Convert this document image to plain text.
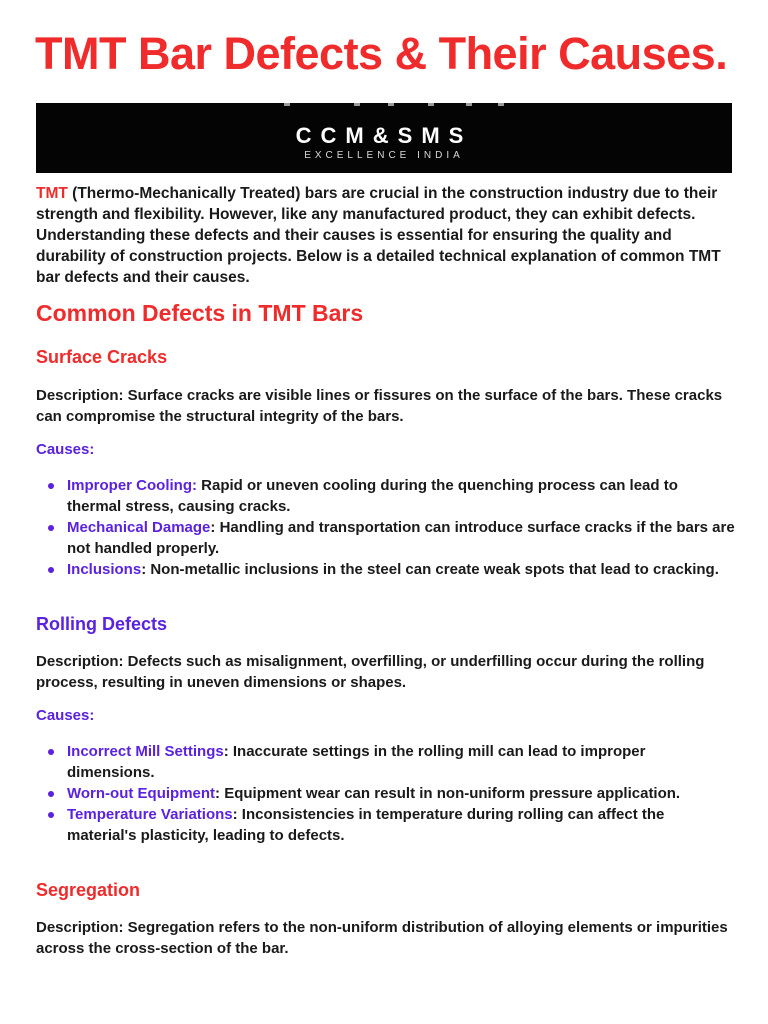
TMT Bar Defects & Their Causes.
CCM&SMS
EXCELLENCE INDIA

TMT (Thermo-Mechanically Treated) bars are crucial in the construction industry due to their strength and flexibility. However, like any manufactured product, they can exhibit defects. Understanding these defects and their causes is essential for ensuring the quality and durability of construction projects. Below is a detailed technical explanation of common TMT bar defects and their causes.

Common Defects in TMT Bars
Surface Cracks

Description: Surface cracks are visible lines or fissures on the surface of the bars. These cracks can compromise the structural integrity of the bars.

Causes:

Improper Cooling: Rapid or uneven cooling during the quenching process can lead to thermal stress, causing cracks.
Mechanical Damage: Handling and transportation can introduce surface cracks if the bars are not handled properly.
Inclusions: Non-metallic inclusions in the steel can create weak spots that lead to cracking.
Rolling Defects

Description: Defects such as misalignment, overfilling, or underfilling occur during the rolling process, resulting in uneven dimensions or shapes.

Causes:

Incorrect Mill Settings: Inaccurate settings in the rolling mill can lead to improper dimensions.
Worn-out Equipment: Equipment wear can result in non-uniform pressure application.
Temperature Variations: Inconsistencies in temperature during rolling can affect the material's plasticity, leading to defects.
Segregation

Description: Segregation refers to the non-uniform distribution of alloying elements or impurities across the cross-section of the bar.
